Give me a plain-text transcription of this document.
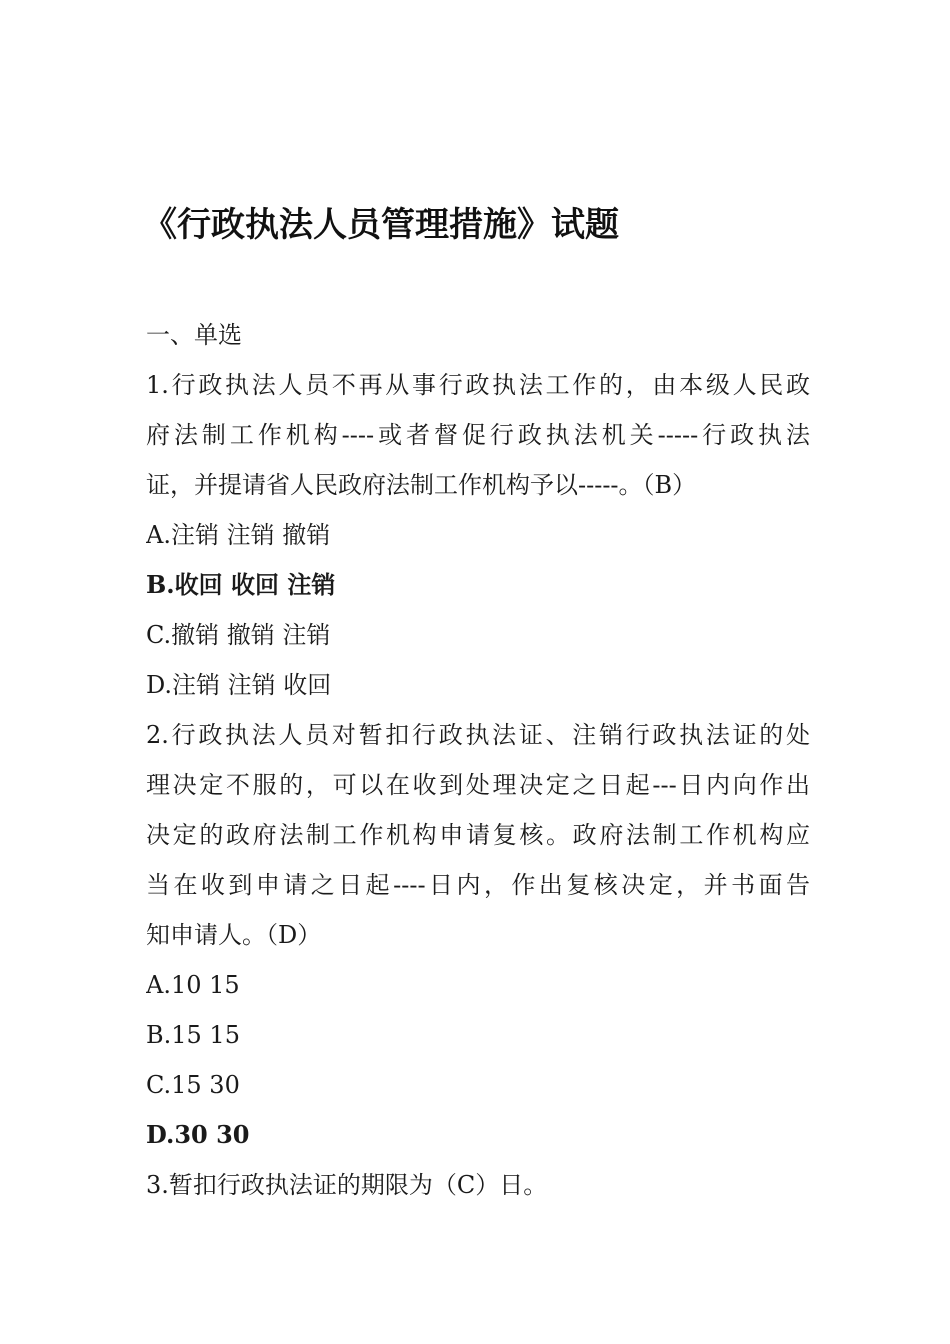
《行政执法人员管理措施》试题
一、单选
1.行政执法人员不再从事行政执法工作的，由本级人民政
府法制工作机构----或者督促行政执法机关-----行政执法
证，并提请省人民政府法制工作机构予以-----。（B）
A.注销 注销 撤销
B.收回 收回 注销
C.撤销 撤销 注销
D.注销 注销 收回
2.行政执法人员对暂扣行政执法证、注销行政执法证的处
理决定不服的，可以在收到处理决定之日起---日内向作出
决定的政府法制工作机构申请复核。政府法制工作机构应
当在收到申请之日起----日内，作出复核决定，并书面告
知申请人。（D）
A.10 15
B.15 15
C.15 30
D.30 30
3.暂扣行政执法证的期限为（C）日。
